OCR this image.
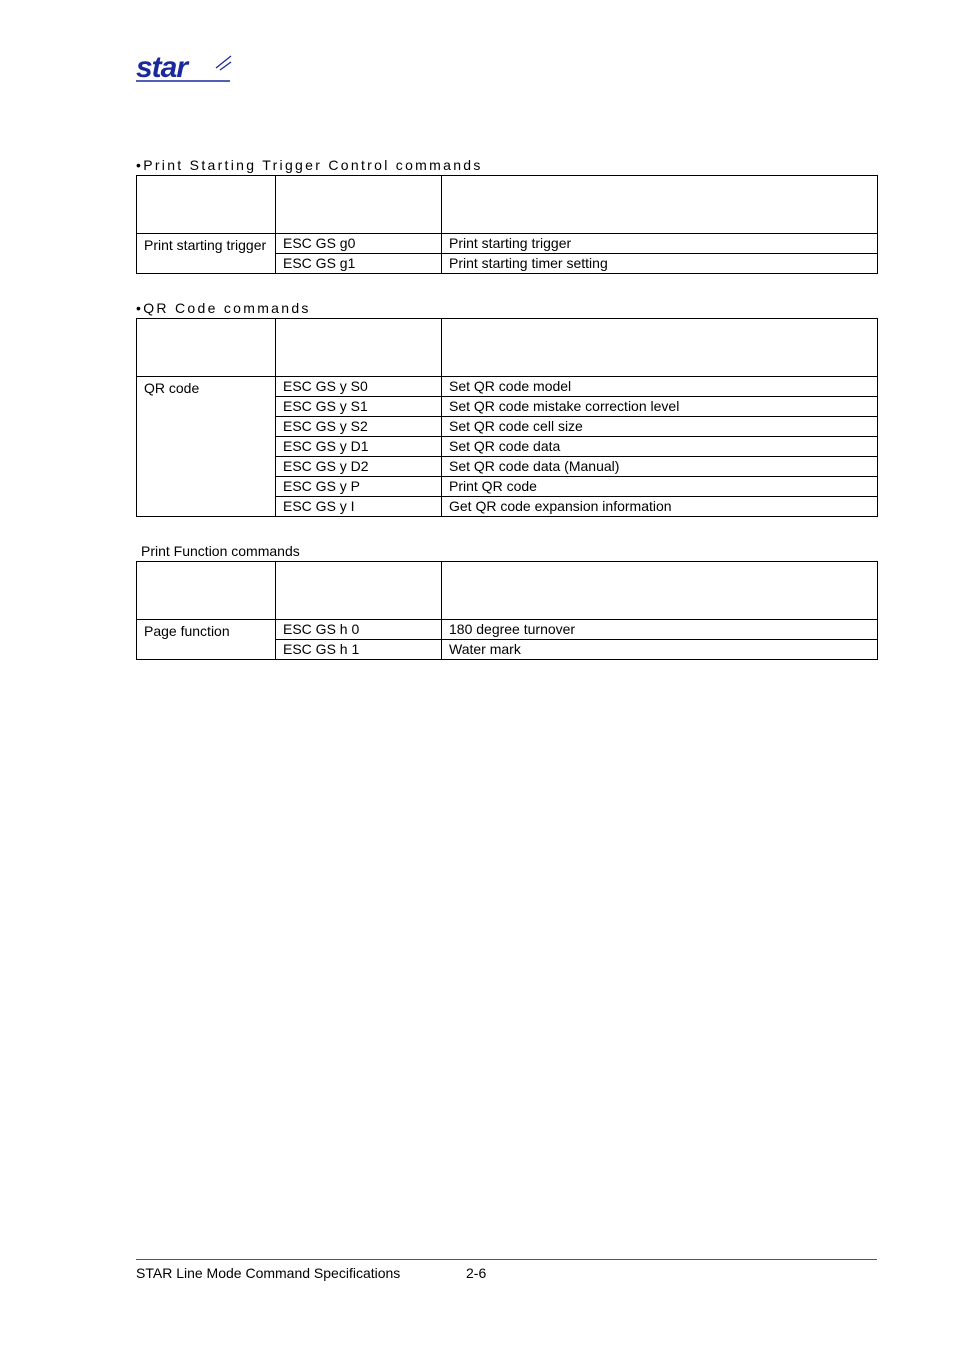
star
•Print Starting Trigger Control commands

Print starting trigger	ESC GS g0	Print starting trigger
	ESC GS g1	Print starting timer setting
•QR Code commands

QR code	ESC GS y S0	Set QR code model
	ESC GS y S1	Set QR code mistake correction level
	ESC GS y S2	Set QR code cell size
	ESC GS y D1	Set QR code data
	ESC GS y D2	Set QR code data (Manual)
	ESC GS y P	Print QR code
	ESC GS y I	Get QR code expansion information
Print Function commands

Page function	ESC GS h 0	180 degree turnover
	ESC GS h 1	Water mark
STAR Line Mode Command Specifications	2-6
